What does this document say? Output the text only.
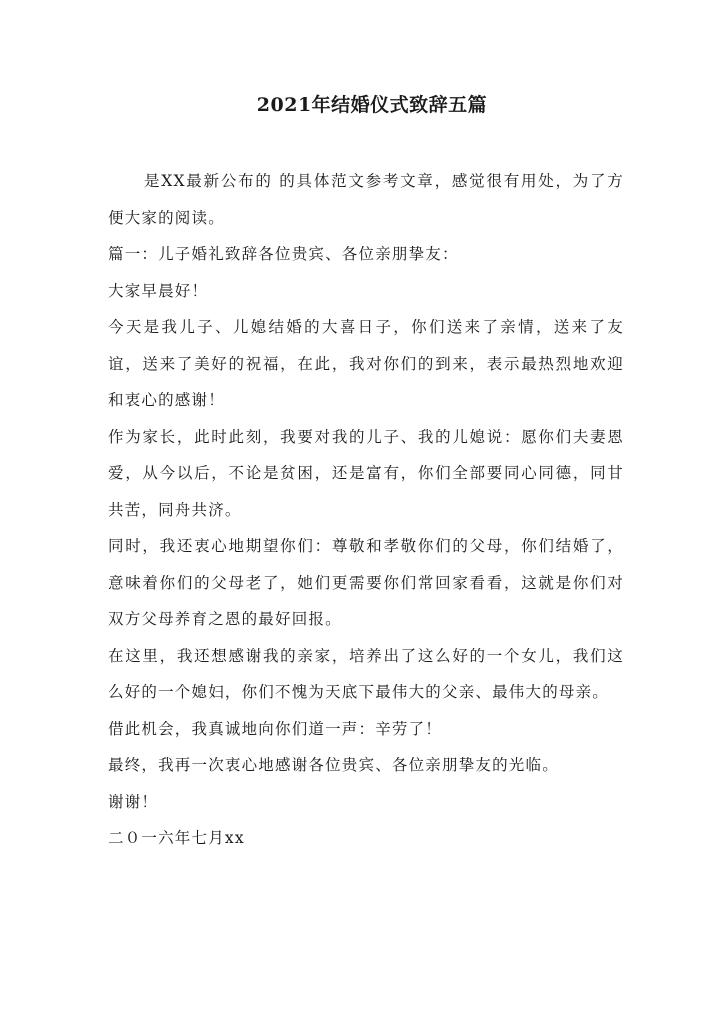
2021年结婚仪式致辞五篇

是XX最新公布的 的具体范文参考文章，感觉很有用处，为了方便大家的阅读。

篇一：儿子婚礼致辞各位贵宾、各位亲朋挚友：

大家早晨好！

今天是我儿子、儿媳结婚的大喜日子，你们送来了亲情，送来了友谊，送来了美好的祝福，在此，我对你们的到来，表示最热烈地欢迎和衷心的感谢！

作为家长，此时此刻，我要对我的儿子、我的儿媳说：愿你们夫妻恩爱，从今以后，不论是贫困，还是富有，你们全部要同心同德，同甘共苦，同舟共济。

同时，我还衷心地期望你们：尊敬和孝敬你们的父母，你们结婚了，意味着你们的父母老了，她们更需要你们常回家看看，这就是你们对双方父母养育之恩的最好回报。

在这里，我还想感谢我的亲家，培养出了这么好的一个女儿，我们这么好的一个媳妇，你们不愧为天底下最伟大的父亲、最伟大的母亲。

借此机会，我真诚地向你们道一声：辛劳了！

最终，我再一次衷心地感谢各位贵宾、各位亲朋挚友的光临。

谢谢！

二０一六年七月xx
